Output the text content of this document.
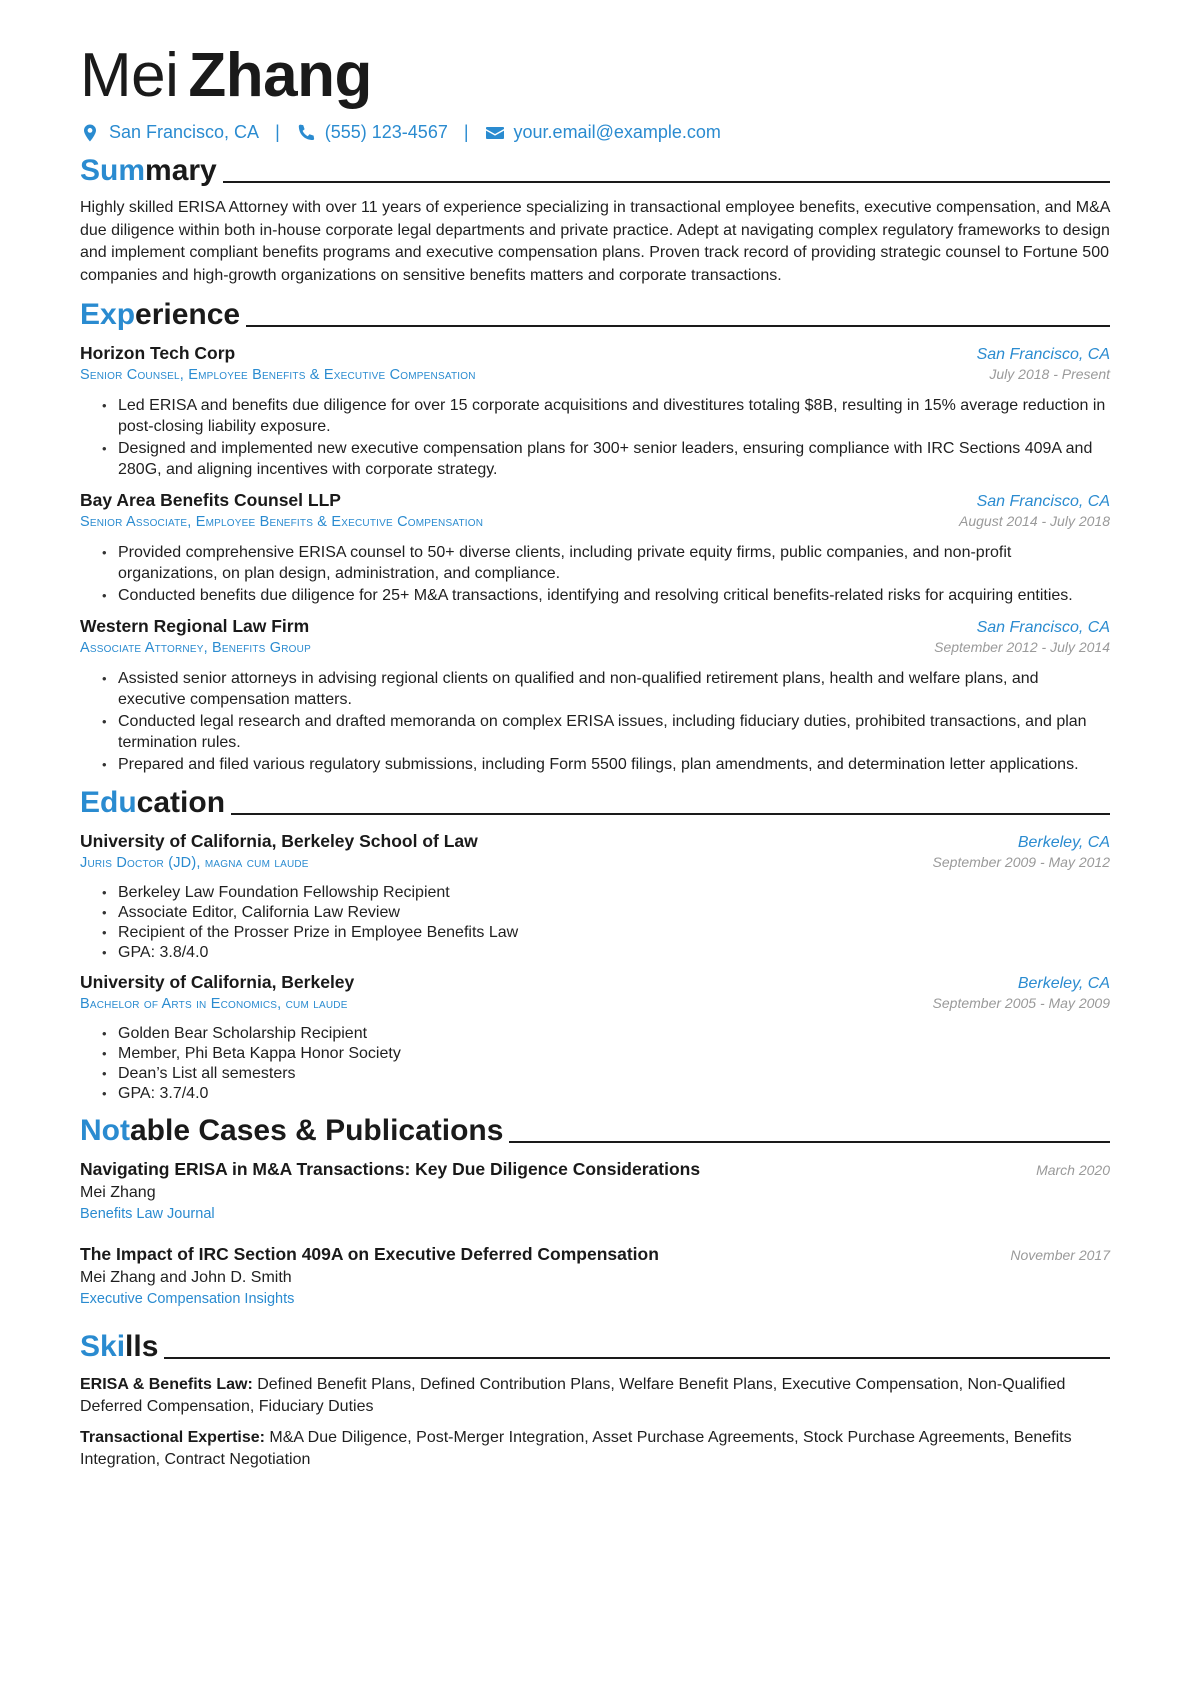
Mei Zhang
San Francisco, CA |	(555) 123-4567 |	your.email@example.com
Summary

Highly skilled ERISA Attorney with over 11 years of experience specializing in transactional employee benefits, executive compensation, and M&A due diligence within both in-house corporate legal departments and private practice. Adept at navigating complex regulatory frameworks to design and implement compliant benefits programs and executive compensation plans. Proven track record of providing strategic counsel to Fortune 500 companies and high-growth organizations on sensitive benefits matters and corporate transactions.

Experience
Horizon Tech Corp	San Francisco, CA
Senior Counsel, Employee Benefits & Executive Compensation	July 2018 - Present
• Led ERISA and benefits due diligence for over 15 corporate acquisitions and divestitures totaling $8B, resulting in 15% average reduction in post-closing liability exposure.
• Designed and implemented new executive compensation plans for 300+ senior leaders, ensuring compliance with IRC Sections 409A and 280G, and aligning incentives with corporate strategy.
Bay Area Benefits Counsel LLP	San Francisco, CA
Senior Associate, Employee Benefits & Executive Compensation	August 2014 - July 2018
• Provided comprehensive ERISA counsel to 50+ diverse clients, including private equity firms, public companies, and non-profit organizations, on plan design, administration, and compliance.
• Conducted benefits due diligence for 25+ M&A transactions, identifying and resolving critical benefits-related risks for acquiring entities.
Western Regional Law Firm	San Francisco, CA
Associate Attorney, Benefits Group	September 2012 - July 2014
• Assisted senior attorneys in advising regional clients on qualified and non-qualified retirement plans, health and welfare plans, and executive compensation matters.
• Conducted legal research and drafted memoranda on complex ERISA issues, including fiduciary duties, prohibited transactions, and plan termination rules.
• Prepared and filed various regulatory submissions, including Form 5500 filings, plan amendments, and determination letter applications.
Education
University of California, Berkeley School of Law	Berkeley, CA
Juris Doctor (JD), magna cum laude	September 2009 - May 2012
• Berkeley Law Foundation Fellowship Recipient
• Associate Editor, California Law Review
• Recipient of the Prosser Prize in Employee Benefits Law
• GPA: 3.8/4.0
University of California, Berkeley	Berkeley, CA
Bachelor of Arts in Economics, cum laude	September 2005 - May 2009
• Golden Bear Scholarship Recipient
• Member, Phi Beta Kappa Honor Society
• Dean’s List all semesters
• GPA: 3.7/4.0
Notable Cases & Publications
Navigating ERISA in M&A Transactions: Key Due Diligence Considerations	March 2020
Mei Zhang
Benefits Law Journal
The Impact of IRC Section 409A on Executive Deferred Compensation	November 2017
Mei Zhang and John D. Smith
Executive Compensation Insights
Skills
ERISA & Benefits Law: Defined Benefit Plans, Defined Contribution Plans, Welfare Benefit Plans, Executive Compensation, Non-Qualified Deferred Compensation, Fiduciary Duties
Transactional Expertise: M&A Due Diligence, Post-Merger Integration, Asset Purchase Agreements, Stock Purchase Agreements, Benefits Integration, Contract Negotiation
